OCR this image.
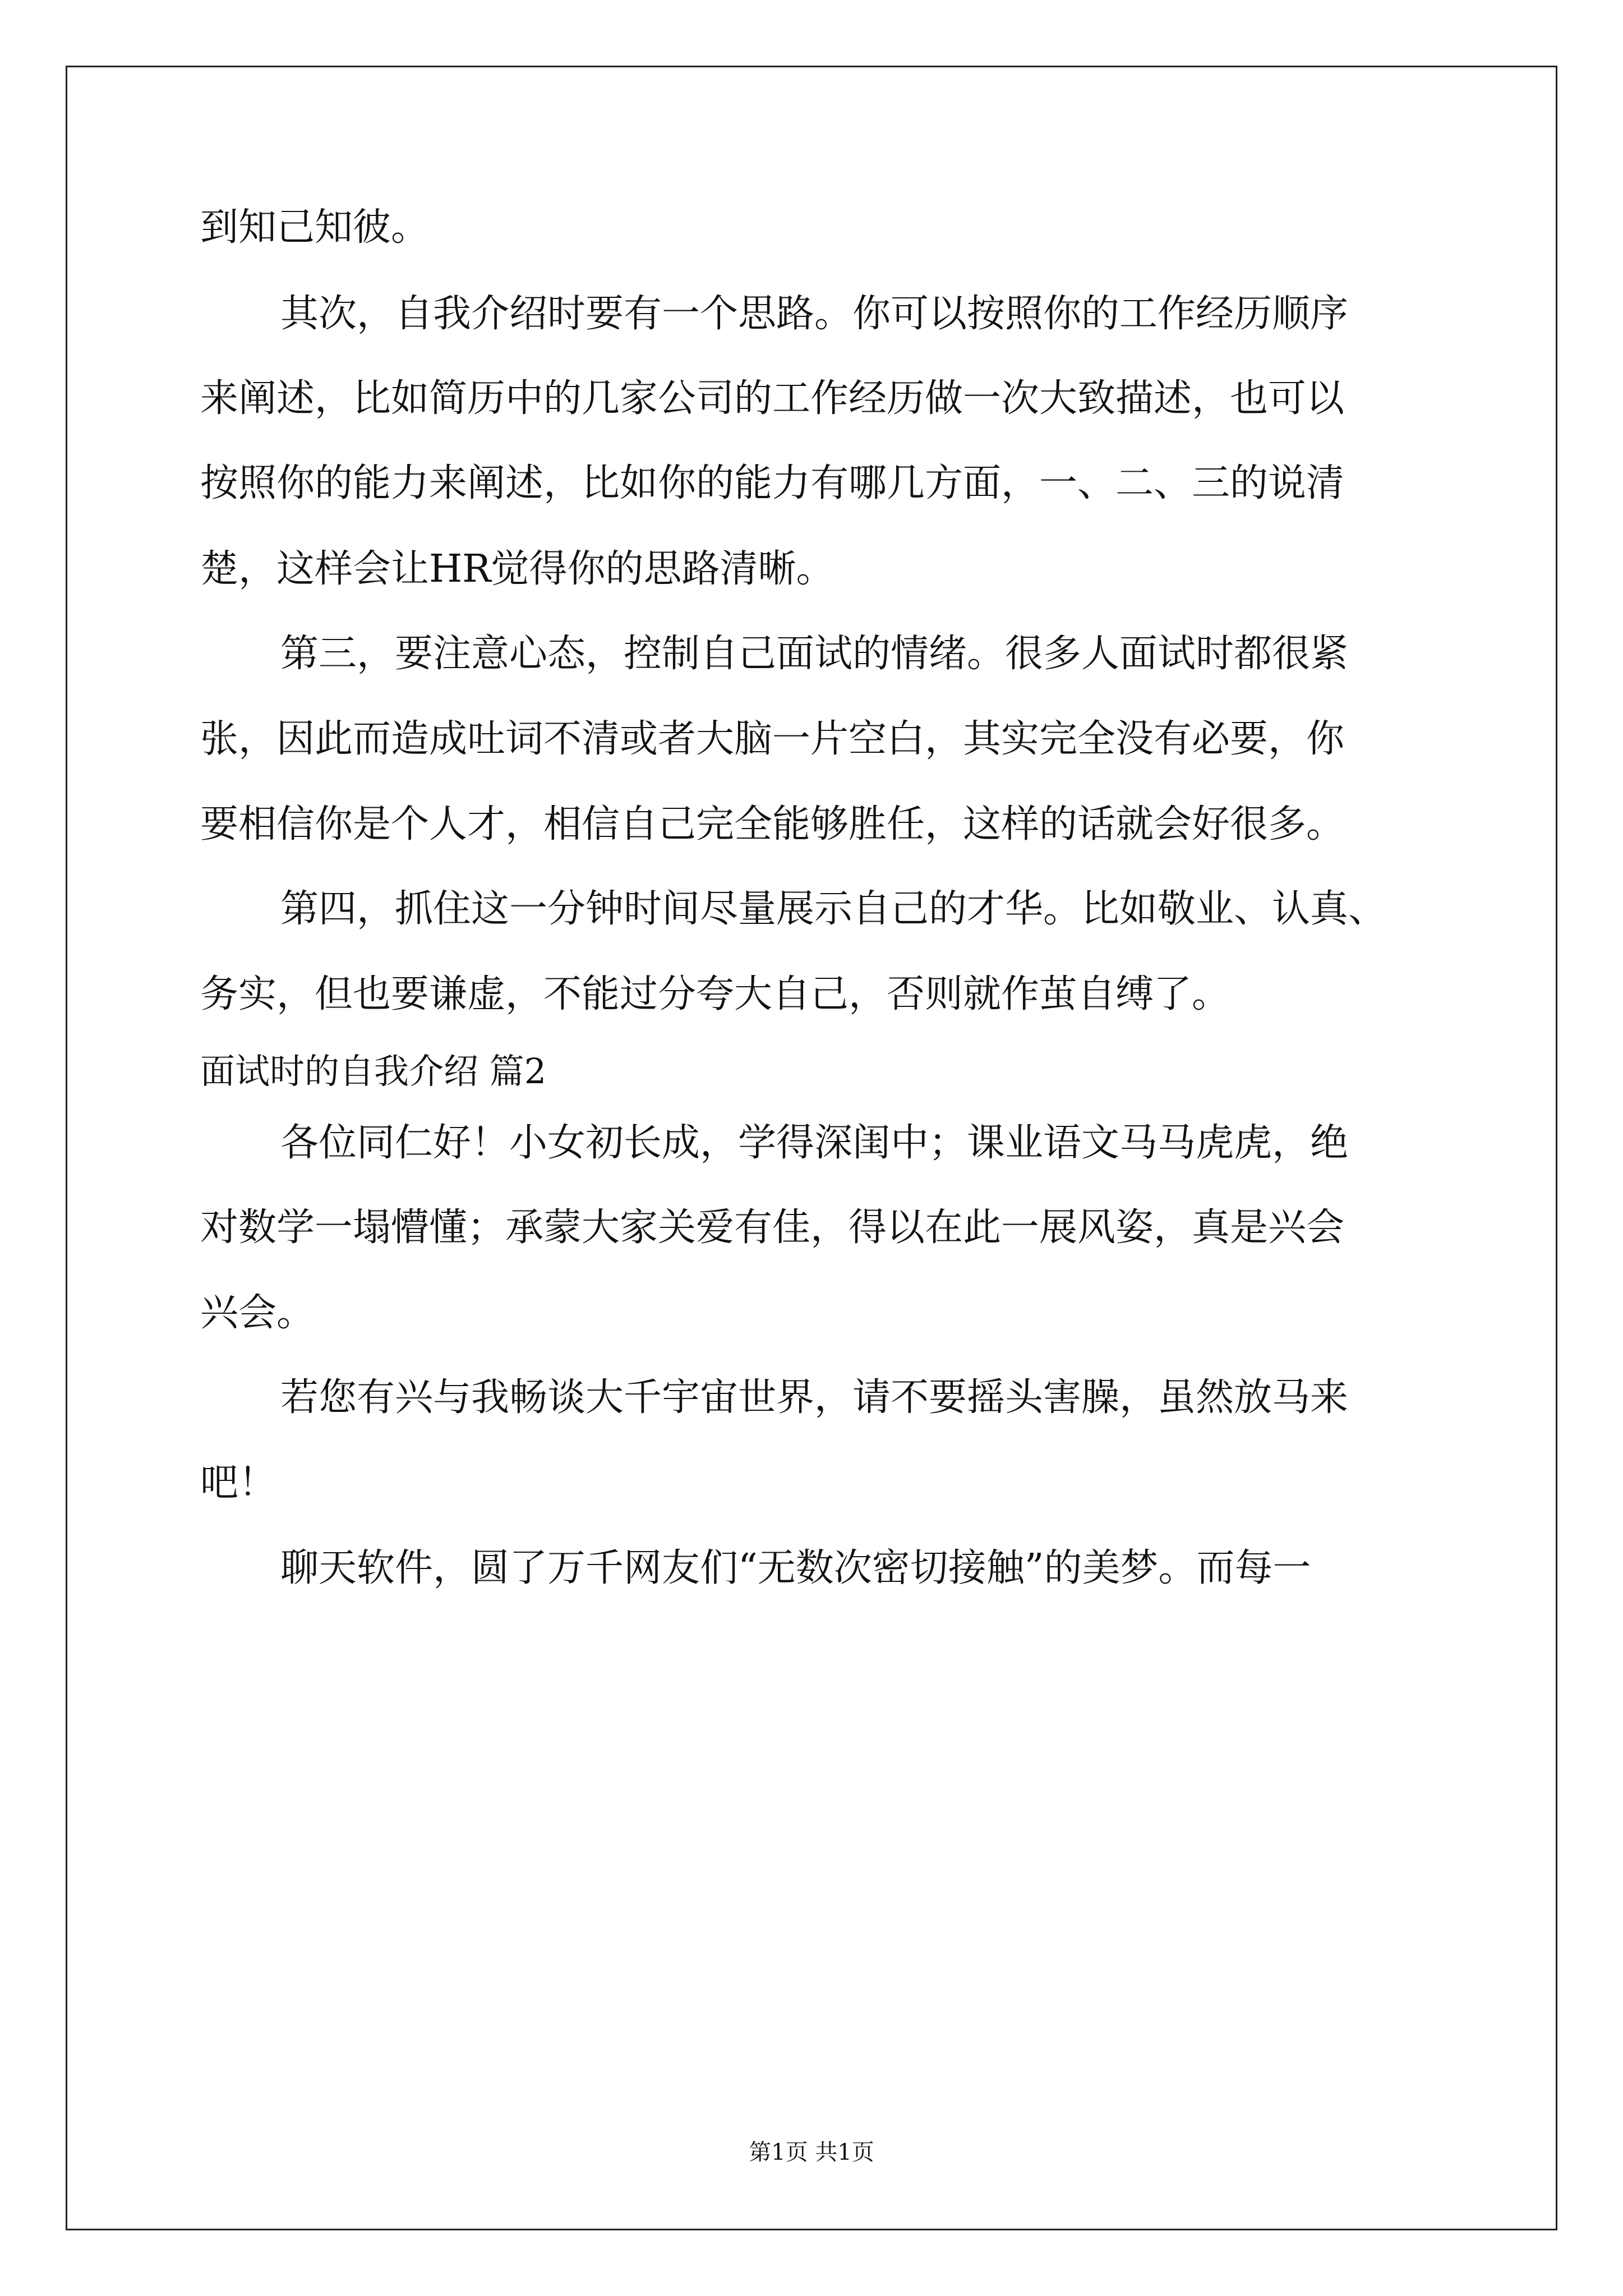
到知己知彼。
其次，自我介绍时要有一个思路。你可以按照你的工作经历顺序
来阐述，比如简历中的几家公司的工作经历做一次大致描述，也可以
按照你的能力来阐述，比如你的能力有哪几方面，一、二、三的说清
楚，这样会让HR觉得你的思路清晰。
第三，要注意心态，控制自己面试的情绪。很多人面试时都很紧
张，因此而造成吐词不清或者大脑一片空白，其实完全没有必要，你
要相信你是个人才，相信自己完全能够胜任，这样的话就会好很多。
第四，抓住这一分钟时间尽量展示自己的才华。比如敬业、认真、
务实，但也要谦虚，不能过分夸大自己，否则就作茧自缚了。
面试时的自我介绍 篇2
各位同仁好！小女初长成，学得深闺中；课业语文马马虎虎，绝
对数学一塌懵懂；承蒙大家关爱有佳，得以在此一展风姿，真是兴会
兴会。
若您有兴与我畅谈大千宇宙世界，请不要摇头害臊，虽然放马来
吧！
聊天软件，圆了万千网友们“无数次密切接触”的美梦。而每一
第1页 共1页
